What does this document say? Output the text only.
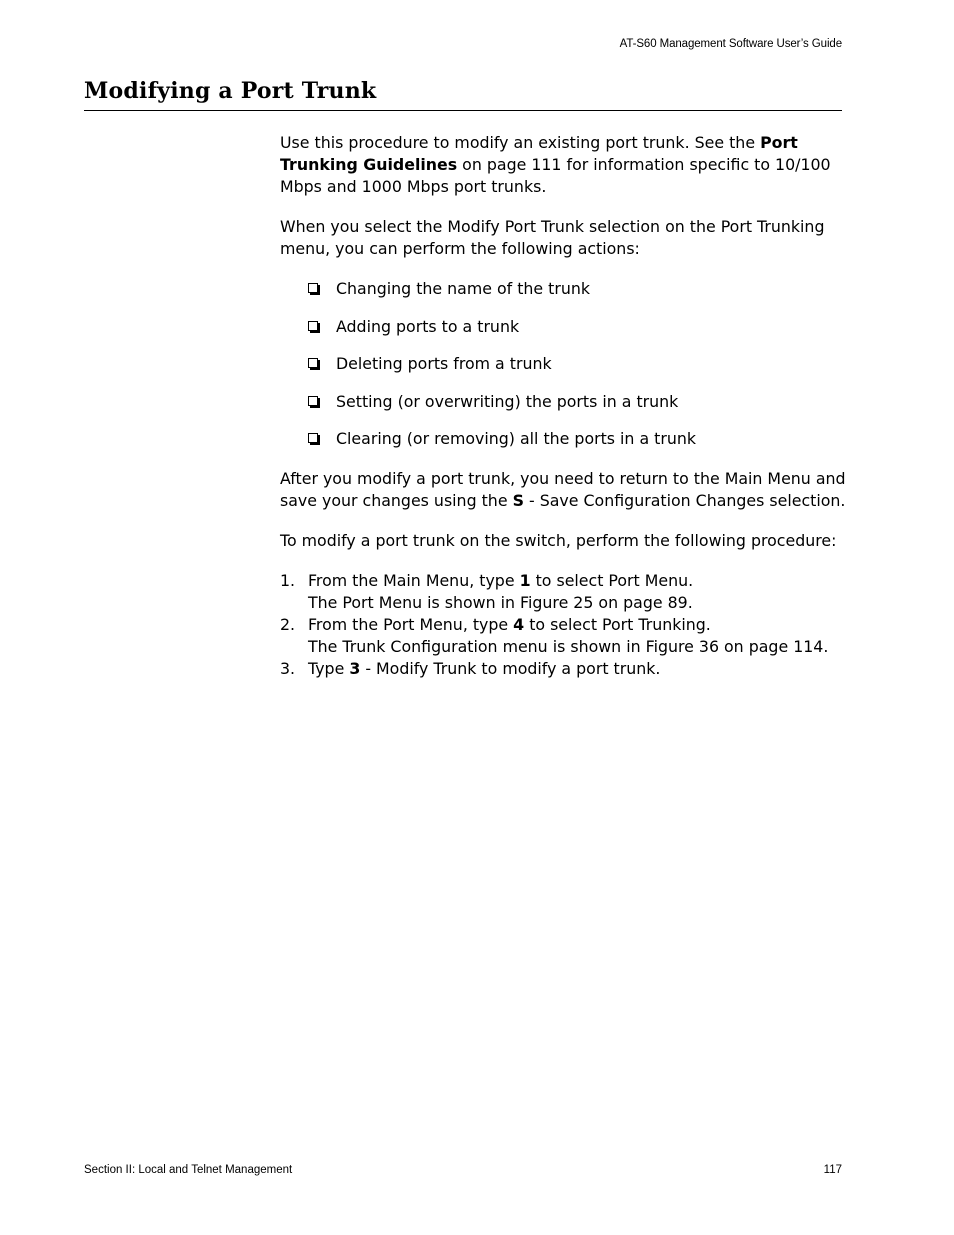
AT-S60 Management Software User’s Guide
Modifying a Port Trunk

Use this procedure to modify an existing port trunk. See the Port Trunking Guidelines on page 111 for information specific to 10/100 Mbps and 1000 Mbps port trunks.

When you select the Modify Port Trunk selection on the Port Trunking menu, you can perform the following actions:

Changing the name of the trunk
Adding ports to a trunk
Deleting ports from a trunk
Setting (or overwriting) the ports in a trunk
Clearing (or removing) all the ports in a trunk

After you modify a port trunk, you need to return to the Main Menu and save your changes using the S - Save Configuration Changes selection.

To modify a port trunk on the switch, perform the following procedure:

1. From the Main Menu, type 1 to select Port Menu.

The Port Menu is shown in Figure 25 on page 89.

2. From the Port Menu, type 4 to select Port Trunking.

The Trunk Configuration menu is shown in Figure 36 on page 114.

3. Type 3 - Modify Trunk to modify a port trunk.

Section II: Local and Telnet Management	117
